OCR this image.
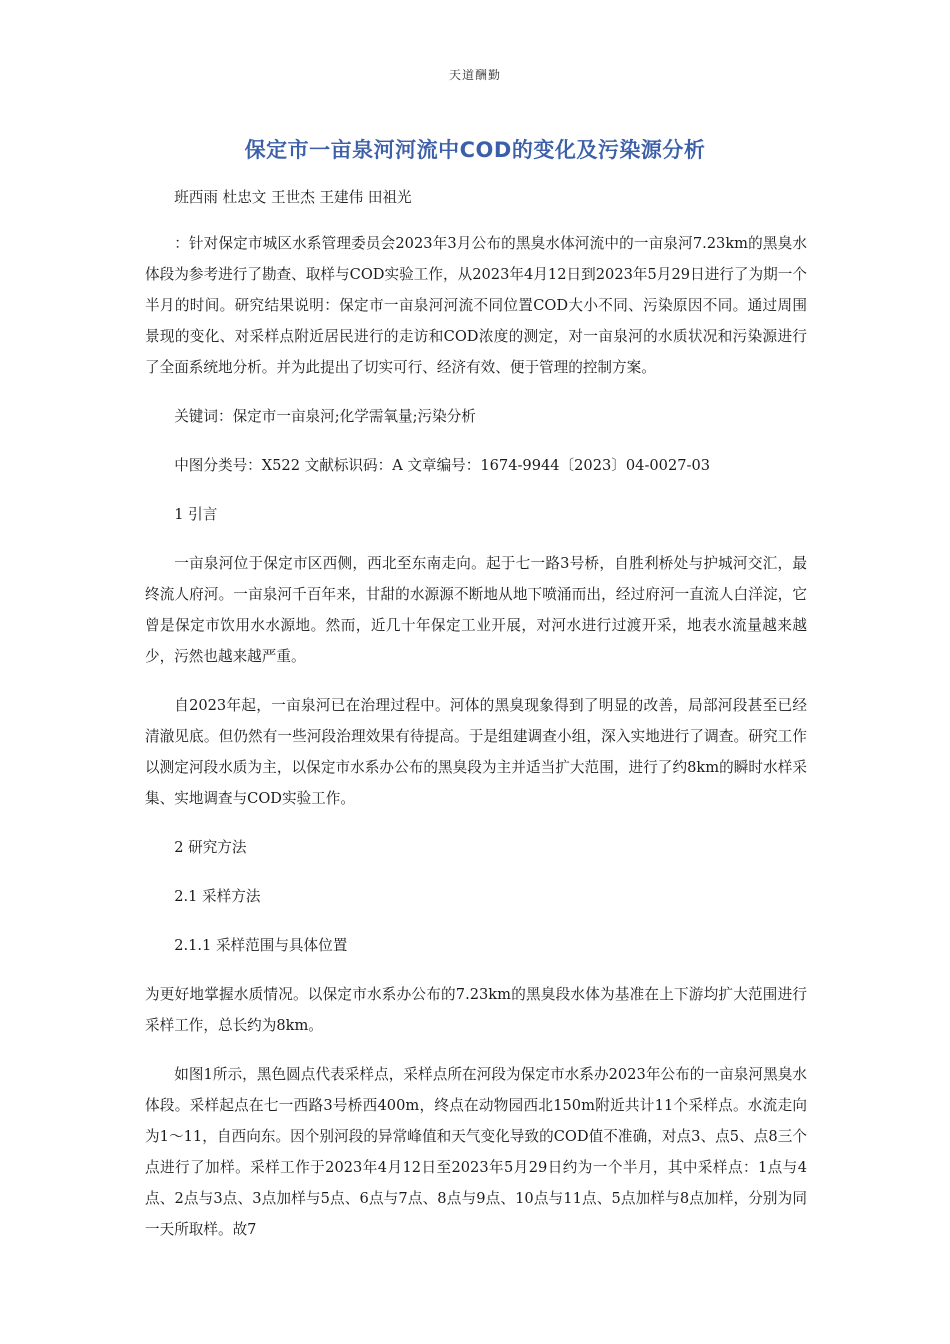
天道酬勤
保定市一亩泉河河流中COD的变化及污染源分析

班西雨 杜忠文 王世杰 王建伟 田祖光

：针对保定市城区水系管理委员会2023年3月公布的黑臭水体河流中的一亩泉河7.23km的黑臭水体段为参考进行了勘查、取样与COD实验工作，从2023年4月12日到2023年5月29日进行了为期一个半月的时间。研究结果说明：保定市一亩泉河河流不同位置COD大小不同、污染原因不同。通过周围景现的变化、对采样点附近居民进行的走访和COD浓度的测定，对一亩泉河的水质状况和污染源进行了全面系统地分析。并为此提出了切实可行、经济有效、便于管理的控制方案。

关键词：保定市一亩泉河;化学需氧量;污染分析

中图分类号：X522 文献标识码：A 文章编号：1674-9944〔2023〕04-0027-03

1 引言

一亩泉河位于保定市区西侧，西北至东南走向。起于七一路3号桥，自胜利桥处与护城河交汇，最终流人府河。一亩泉河千百年来，甘甜的水源源不断地从地下喷涌而出，经过府河一直流人白洋淀，它曾是保定市饮用水水源地。然而，近几十年保定工业开展，对河水进行过渡开采，地表水流量越来越少，污然也越来越严重。

自2023年起，一亩泉河已在治理过程中。河体的黑臭现象得到了明显的改善，局部河段甚至已经清澈见底。但仍然有一些河段治理效果有待提高。于是组建调查小组，深入实地进行了调查。研究工作以测定河段水质为主，以保定市水系办公布的黑臭段为主并适当扩大范围，进行了约8km的瞬时水样采集、实地调查与COD实验工作。

2 研究方法

2.1 采样方法

2.1.1 采样范围与具体位置

为更好地掌握水质情况。以保定市水系办公布的7.23km的黑臭段水体为基准在上下游均扩大范围进行采样工作，总长约为8km。

如图1所示，黑色圆点代表采样点，采样点所在河段为保定市水系办2023年公布的一亩泉河黑臭水体段。采样起点在七一西路3号桥西400m，终点在动物园西北150m附近共计11个采样点。水流走向为1～11，自西向东。因个别河段的异常峰值和天气变化导致的COD值不准确，对点3、点5、点8三个点进行了加样。采样工作于2023年4月12日至2023年5月29日约为一个半月，其中采样点：1点与4点、2点与3点、3点加样与5点、6点与7点、8点与9点、10点与11点、5点加样与8点加样，分别为同一天所取样。故7
